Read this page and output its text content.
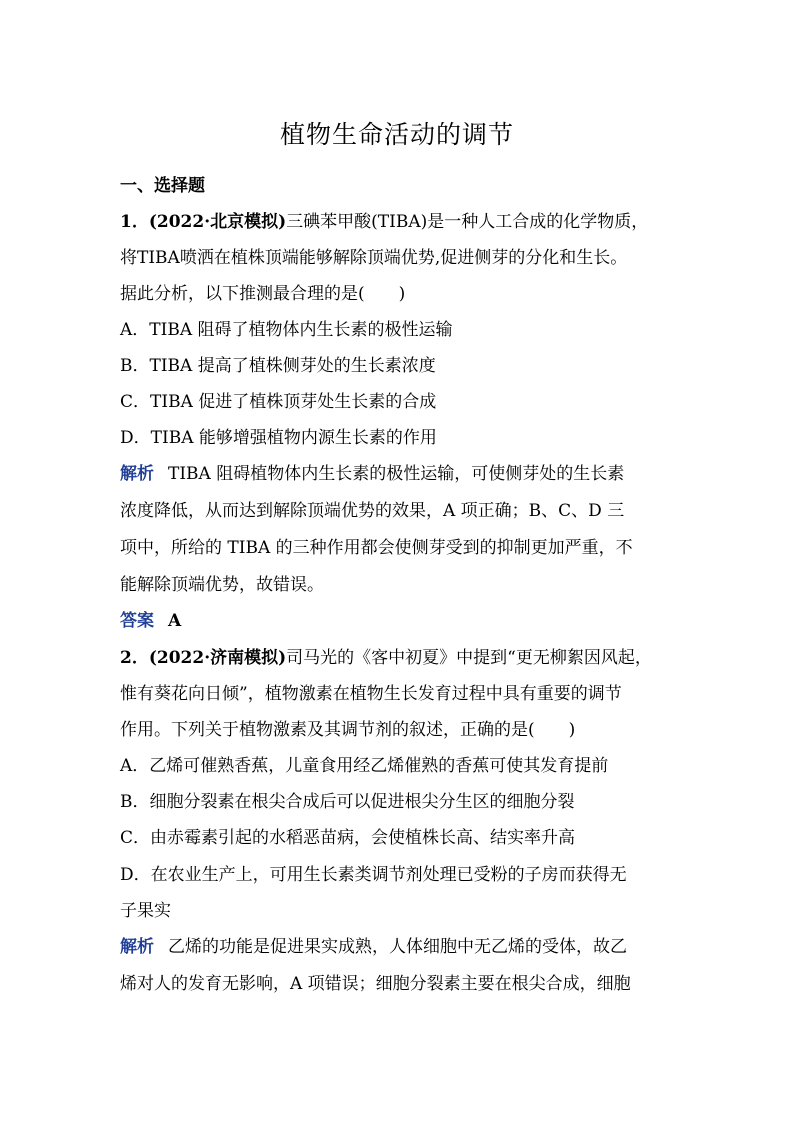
植物生命活动的调节
一、选择题
1．(2022·北京模拟)三碘苯甲酸(TIBA)是一种人工合成的化学物质，
将TIBA喷洒在植株顶端能够解除顶端优势,促进侧芽的分化和生长。
据此分析，以下推测最合理的是(　　)
A．TIBA 阻碍了植物体内生长素的极性运输
B．TIBA 提高了植株侧芽处的生长素浓度
C．TIBA 促进了植株顶芽处生长素的合成
D．TIBA 能够增强植物内源生长素的作用
解析 TIBA 阻碍植物体内生长素的极性运输，可使侧芽处的生长素
浓度降低，从而达到解除顶端优势的效果，A 项正确；B、C、D 三
项中，所给的 TIBA 的三种作用都会使侧芽受到的抑制更加严重，不
能解除顶端优势，故错误。
答案 A
2．(2022·济南模拟)司马光的《客中初夏》中提到“更无柳絮因风起，
惟有葵花向日倾”，植物激素在植物生长发育过程中具有重要的调节
作用。下列关于植物激素及其调节剂的叙述，正确的是(　　)
A．乙烯可催熟香蕉，儿童食用经乙烯催熟的香蕉可使其发育提前
B．细胞分裂素在根尖合成后可以促进根尖分生区的细胞分裂
C．由赤霉素引起的水稻恶苗病，会使植株长高、结实率升高
D．在农业生产上，可用生长素类调节剂处理已受粉的子房而获得无
子果实
解析 乙烯的功能是促进果实成熟，人体细胞中无乙烯的受体，故乙
烯对人的发育无影响，A 项错误；细胞分裂素主要在根尖合成，细胞
